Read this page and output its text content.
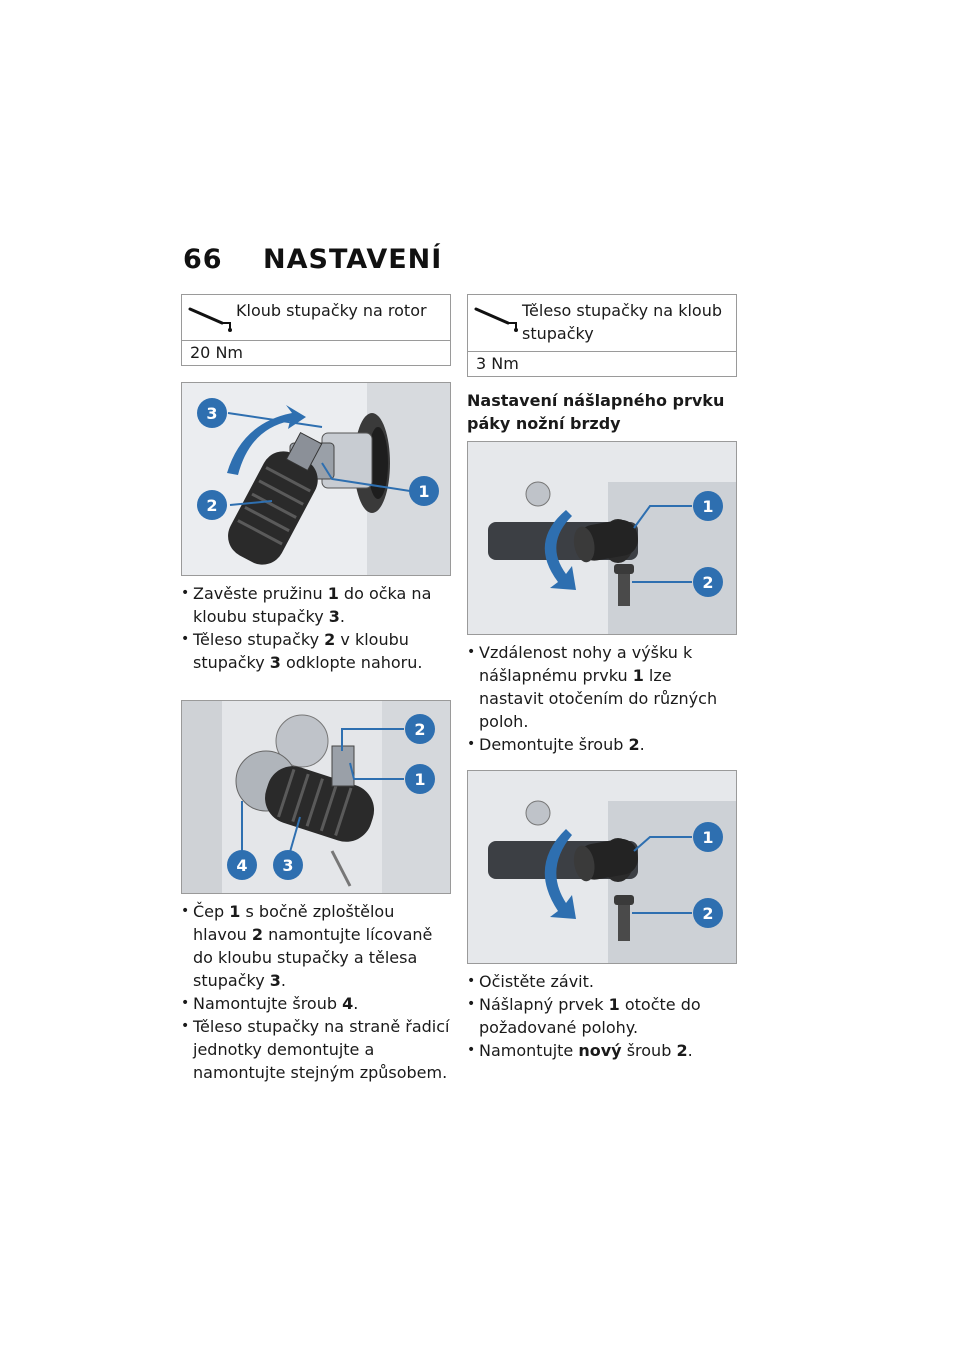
66 NASTAVENÍ
Kloub stupačky na rotor
20 Nm
3
2
1
• Zavěste pružinu 1 do očka na kloubu stupačky 3.
• Těleso stupačky 2 v kloubu stupačky 3 odklopte nahoru.
2
1
4 3
• Čep 1 s bočně zploštělou hlavou 2 namontujte lícovaně do kloubu stupačky a tělesa stupačky 3.
• Namontujte šroub 4.
• Těleso stupačky na straně řadicí jednotky demontujte a namontujte stejným způsobem.
Těleso stupačky na kloub stupačky
3 Nm

Nastavení nášlapného prvku páky nožní brzdy

1
2
• Vzdálenost nohy a výšku k nášlapnému prvku 1 lze nastavit otočením do různých poloh.
• Demontujte šroub 2.
1
2
• Očistěte závit.
• Nášlapný prvek 1 otočte do požadované polohy.
• Namontujte nový šroub 2.
